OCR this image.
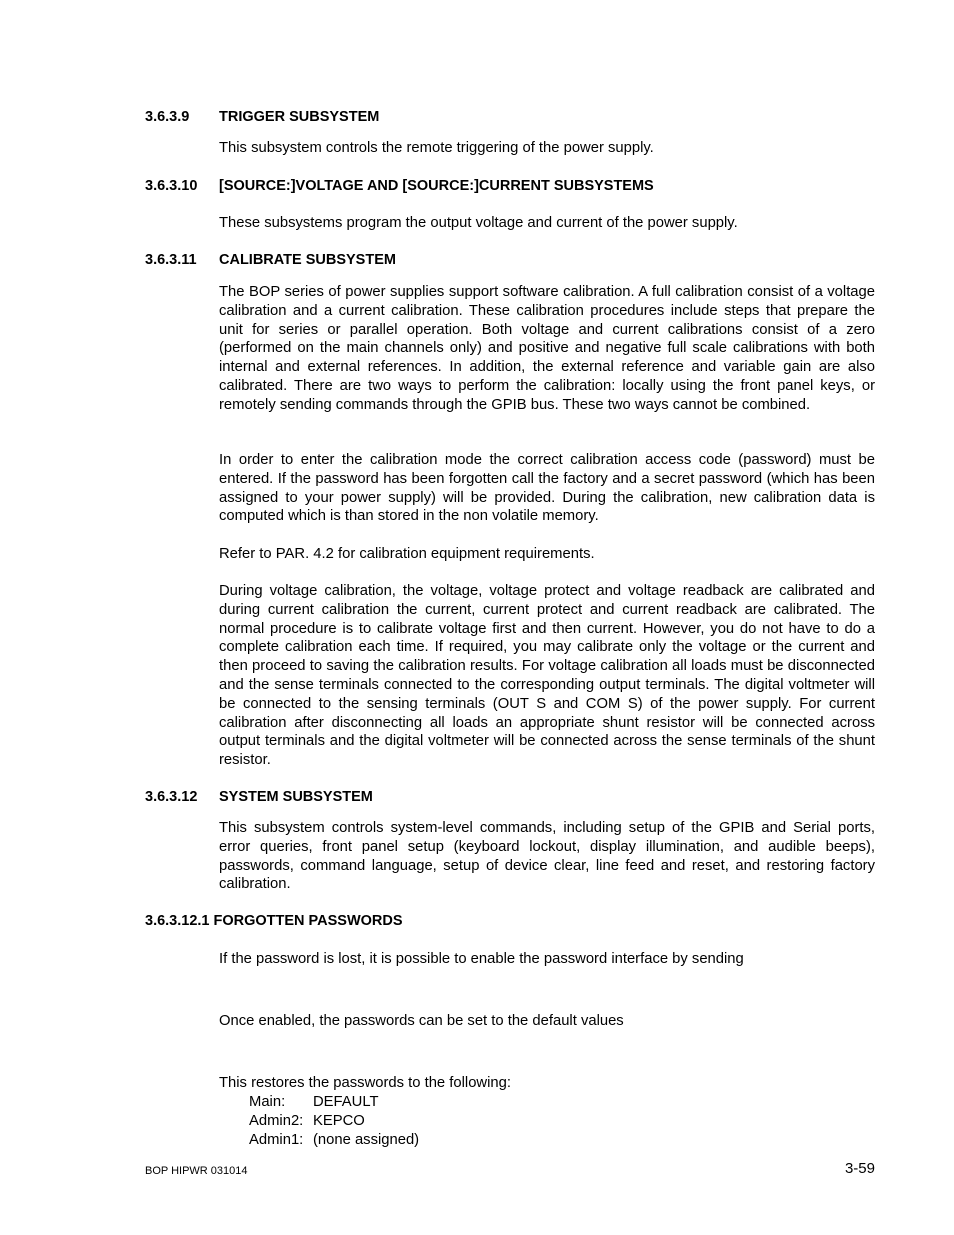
3.6.3.9 TRIGGER SUBSYSTEM

This subsystem controls the remote triggering of the power supply.

3.6.3.10 [SOURCE:]VOLTAGE AND [SOURCE:]CURRENT SUBSYSTEMS

These subsystems program the output voltage and current of the power supply.

3.6.3.11 CALIBRATE SUBSYSTEM

The BOP series of power supplies support software calibration. A full calibration consist of a voltage calibration and a current calibration. These calibration procedures include steps that prepare the unit for series or parallel operation. Both voltage and current calibrations consist of a zero (performed on the main channels only) and positive and negative full scale calibrations with both internal and external references. In addition, the external reference and variable gain are also calibrated. There are two ways to perform the calibration: locally using the front panel keys, or remotely sending commands through the GPIB bus. These two ways cannot be combined.

In order to enter the calibration mode the correct calibration access code (password) must be entered. If the password has been forgotten call the factory and a secret password (which has been assigned to your power supply) will be provided. During the calibration, new calibration data is computed which is than stored in the non volatile memory.

Refer to PAR. 4.2 for calibration equipment requirements.

During voltage calibration, the voltage, voltage protect and voltage readback are calibrated and during current calibration the current, current protect and current readback are calibrated. The normal procedure is to calibrate voltage first and then current. However, you do not have to do a complete calibration each time. If required, you may calibrate only the voltage or the current and then proceed to saving the calibration results. For voltage calibration all loads must be disconnected and the sense terminals connected to the corresponding output terminals. The digital voltmeter will be connected to the sensing terminals (OUT S and COM S) of the power supply. For current calibration after disconnecting all loads an appropriate shunt resistor will be connected across output terminals and the digital voltmeter will be connected across the sense terminals of the shunt resistor.

3.6.3.12 SYSTEM SUBSYSTEM

This subsystem controls system-level commands, including setup of the GPIB and Serial ports, error queries, front panel setup (keyboard lockout, display illumination, and audible beeps), passwords, command language, setup of device clear, line feed and reset, and restoring factory calibration.

3.6.3.12.1 FORGOTTEN PASSWORDS

If the password is lost, it is possible to enable the password interface by sending

Once enabled, the passwords can be set to the default values

This restores the passwords to the following:

Main:	DEFAULT
Admin2: KEPCO
Admin1: (none assigned)
BOP HIPWR 031014	3-59
